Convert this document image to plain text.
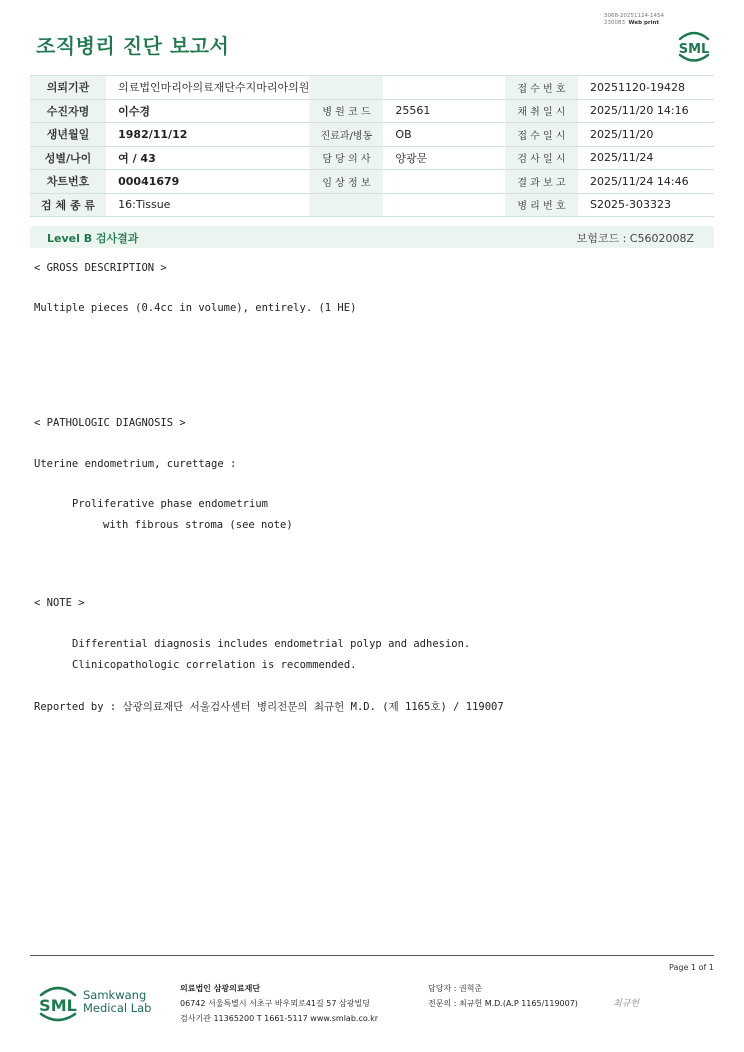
조직병리 진단 보고서
3068-20251124-1454
230083 Web print
SML
의뢰기관	의료법인마리아의료재단수지마리아의원			접 수 번 호	20251120-19428
수진자명	이수경	병 원 코 드	25561	채 취 일 시	2025/11/20 14:16
생년월일	1982/11/12	진료과/병동	OB	접 수 일 시	2025/11/20
성별/나이	여 / 43	담 당 의 사	양광문	검 사 일 시	2025/11/24
차트번호	00041679	임 상 정 보		결 과 보 고	2025/11/24 14:46
검 체 종 류	16:Tissue			병 리 번 호	S2025-303323
Level B 검사결과	보험코드 : C5602008Z
< GROSS DESCRIPTION >
Multiple pieces (0.4cc in volume), entirely. (1 HE)
< PATHOLOGIC DIAGNOSIS >
Uterine endometrium, curettage :
Proliferative phase endometrium
with fibrous stroma (see note)
< NOTE >
Differential diagnosis includes endometrial polyp and adhesion.
Clinicopathologic correlation is recommended.
Reported by : 삼광의료재단 서울검사센터 병리전문의 최규헌 M.D. (제 1165호) / 119007
Page 1 of 1
SML
Samkwang
Medical Lab
의료법인 삼광의료재단
06742 서울특별시 서초구 바우뫼로41길 57 삼광빌딩
검사기관 11365200 T 1661-5117 www.smlab.co.kr
담당자 : 권혁준
전문의 : 최규헌 M.D.(A.P 1165/119007)	최규헌
